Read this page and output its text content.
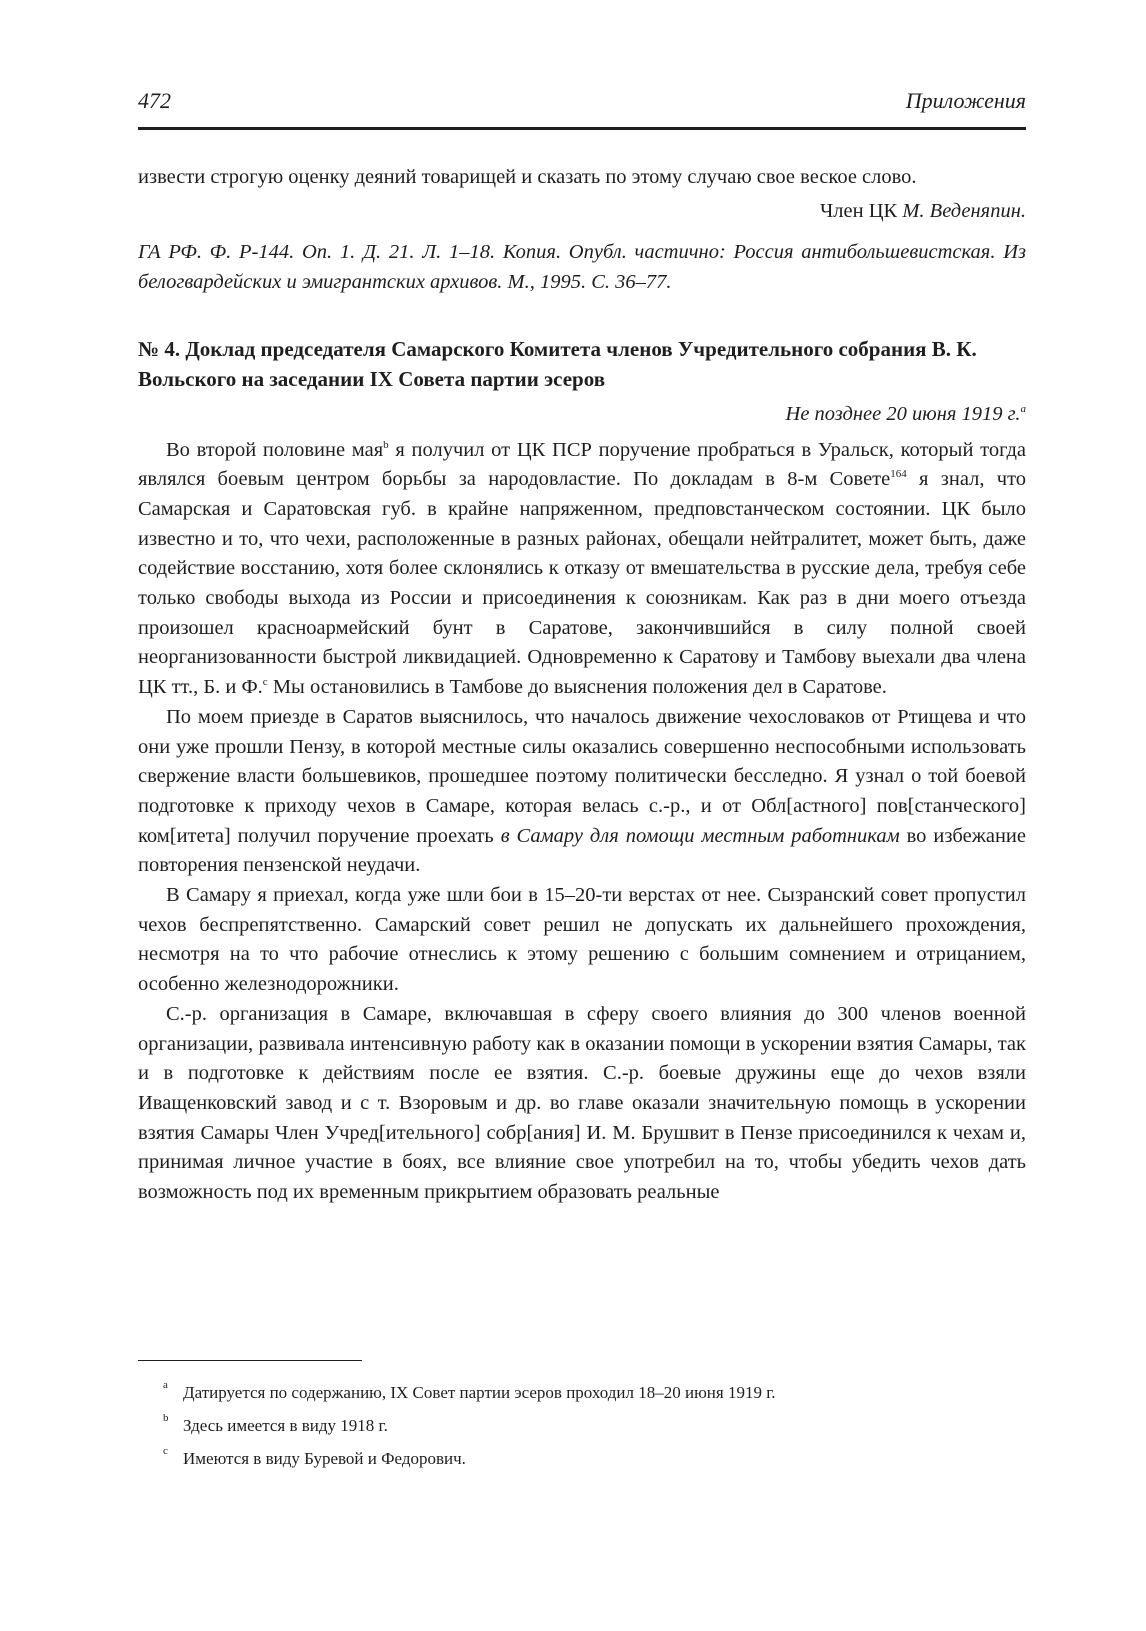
472	Приложения

извести строгую оценку деяний товарищей и сказать по этому случаю свое веское слово.

Член ЦК М. Веденяпин.

ГА РФ. Ф. Р-144. Оп. 1. Д. 21. Л. 1–18. Копия. Опубл. частично: Россия антибольшевистская. Из белогвардейских и эмигрантских архивов. М., 1995. С. 36–77.

№ 4. Доклад председателя Самарского Комитета членов Учредительного собрания В. К. Вольского на заседании IX Совета партии эсеров

Не позднее 20 июня 1919 г.$^a$

Во второй половине мая$^b$ я получил от ЦК ПСР поручение пробраться в Уральск, который тогда являлся боевым центром борьбы за народовластие. По докладам в 8-м Совете$^{164}$ я знал, что Самарская и Саратовская губ. в крайне напряженном, предповстанческом состоянии. ЦК было известно и то, что чехи, расположенные в разных районах, обещали нейтралитет, может быть, даже содействие восстанию, хотя более склонялись к отказу от вмешательства в русские дела, требуя себе только свободы выхода из России и присоединения к союзникам. Как раз в дни моего отъезда произошел красноармейский бунт в Саратове, закончившийся в силу полной своей неорганизованности быстрой ликвидацией. Одновременно к Саратову и Тамбову выехали два члена ЦК тт., Б. и Ф.$^c$ Мы остановились в Тамбове до выяснения положения дел в Саратове.

По моем приезде в Саратов выяснилось, что началось движение чехословаков от Ртищева и что они уже прошли Пензу, в которой местные силы оказались совершенно неспособными использовать свержение власти большевиков, прошедшее поэтому политически бесследно. Я узнал о той боевой подготовке к приходу чехов в Самаре, которая велась с.-р., и от Обл[астного] пов[станческого] ком[итета] получил поручение проехать в Самару для помощи местным работникам во избежание повторения пензенской неудачи.

В Самару я приехал, когда уже шли бои в 15–20-ти верстах от нее. Сызранский совет пропустил чехов беспрепятственно. Самарский совет решил не допускать их дальнейшего прохождения, несмотря на то что рабочие отнеслись к этому решению с большим сомнением и отрицанием, особенно железнодорожники.

С.-р. организация в Самаре, включавшая в сферу своего влияния до 300 членов военной организации, развивала интенсивную работу как в оказании помощи в ускорении взятия Самары, так и в подготовке к действиям после ее взятия. С.-р. боевые дружины еще до чехов взяли Иващенковский завод и с т. Взоровым и др. во главе оказали значительную помощь в ускорении взятия Самары Член Учред[ительного] собр[ания] И. М. Брушвит в Пензе присоединился к чехам и, принимая личное участие в боях, все влияние свое употребил на то, чтобы убедить чехов дать возможность под их временным прикрытием образовать реальные

a Датируется по содержанию, IX Совет партии эсеров проходил 18–20 июня 1919 г.
b Здесь имеется в виду 1918 г.
c Имеются в виду Буревой и Федорович.
